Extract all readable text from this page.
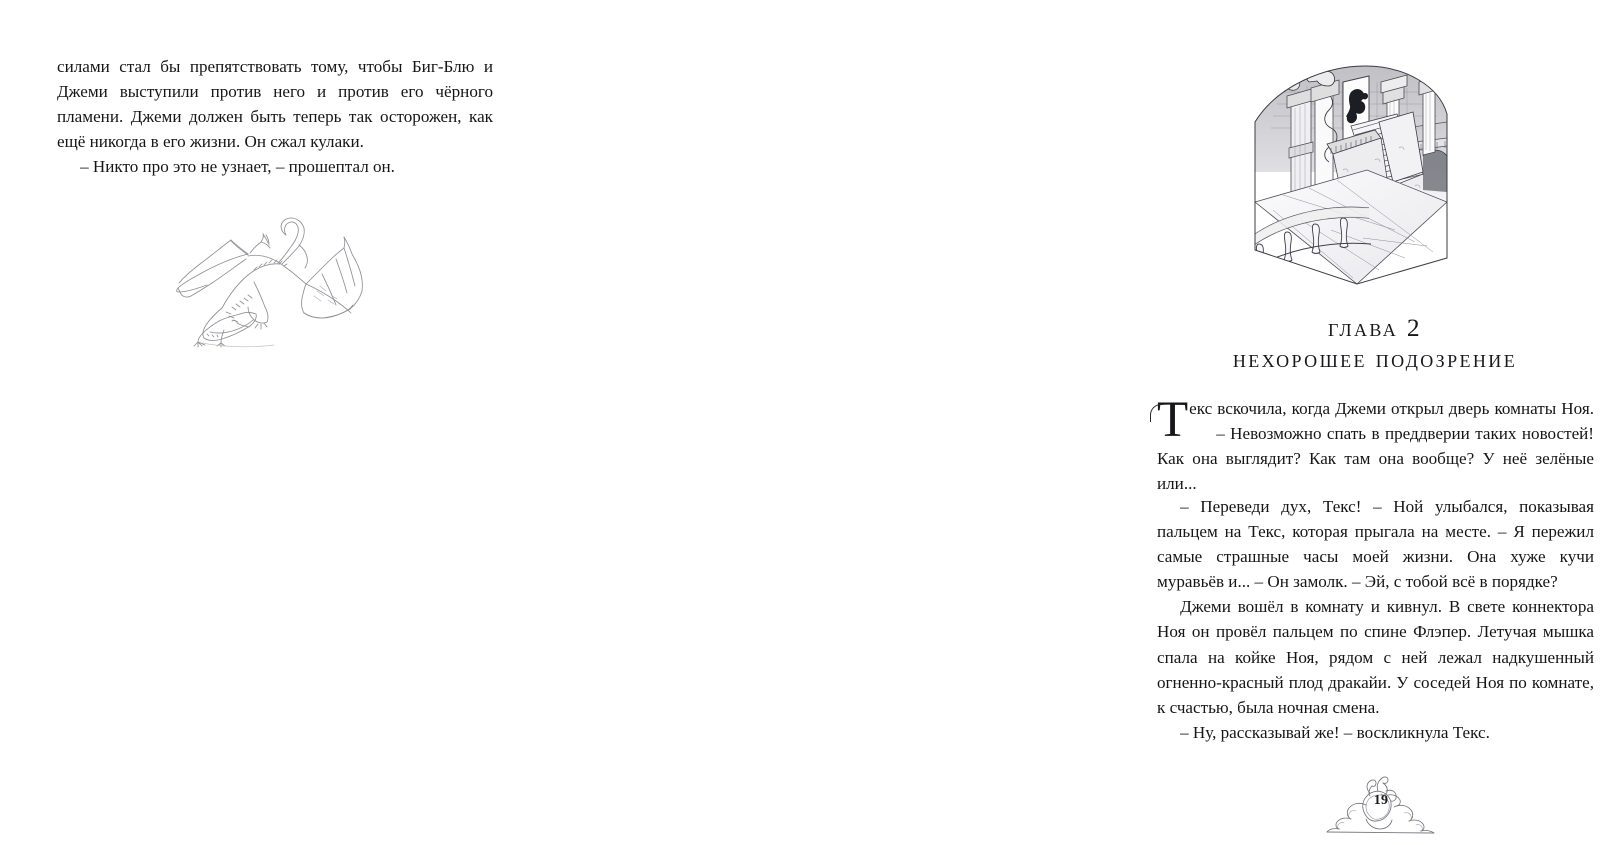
силами стал бы препятствовать тому, чтобы Биг-Блю и Джеми выступили против него и против его чёрного пламени. Джеми должен быть теперь так осторожен, как ещё никогда в его жизни. Он сжал кулаки.

– Никто про это не узнает, – прошептал он.

глава 2
нехорошее подозрение

Текс вскочила, когда Джеми открыл дверь комнаты Ноя.      – Невозможно спать в преддверии таких новостей! Как она выглядит? Как там она вообще? У неё зелёные или...

– Переведи дух, Текс! – Ной улыбался, показывая пальцем на Текс, которая прыгала на месте. – Я пережил самые страшные часы моей жизни. Она хуже кучи муравьёв и... – Он замолк. – Эй, с тобой всё в порядке?

Джеми вошёл в комнату и кивнул. В свете коннектора Ноя он провёл пальцем по спине Флэпер. Летучая мышка спала на койке Ноя, рядом с ней лежал надкушенный огненно-красный плод дракайи. У соседей Ноя по комнате, к счастью, была ночная смена.

– Ну, рассказывай же! – воскликнула Текс.

19
